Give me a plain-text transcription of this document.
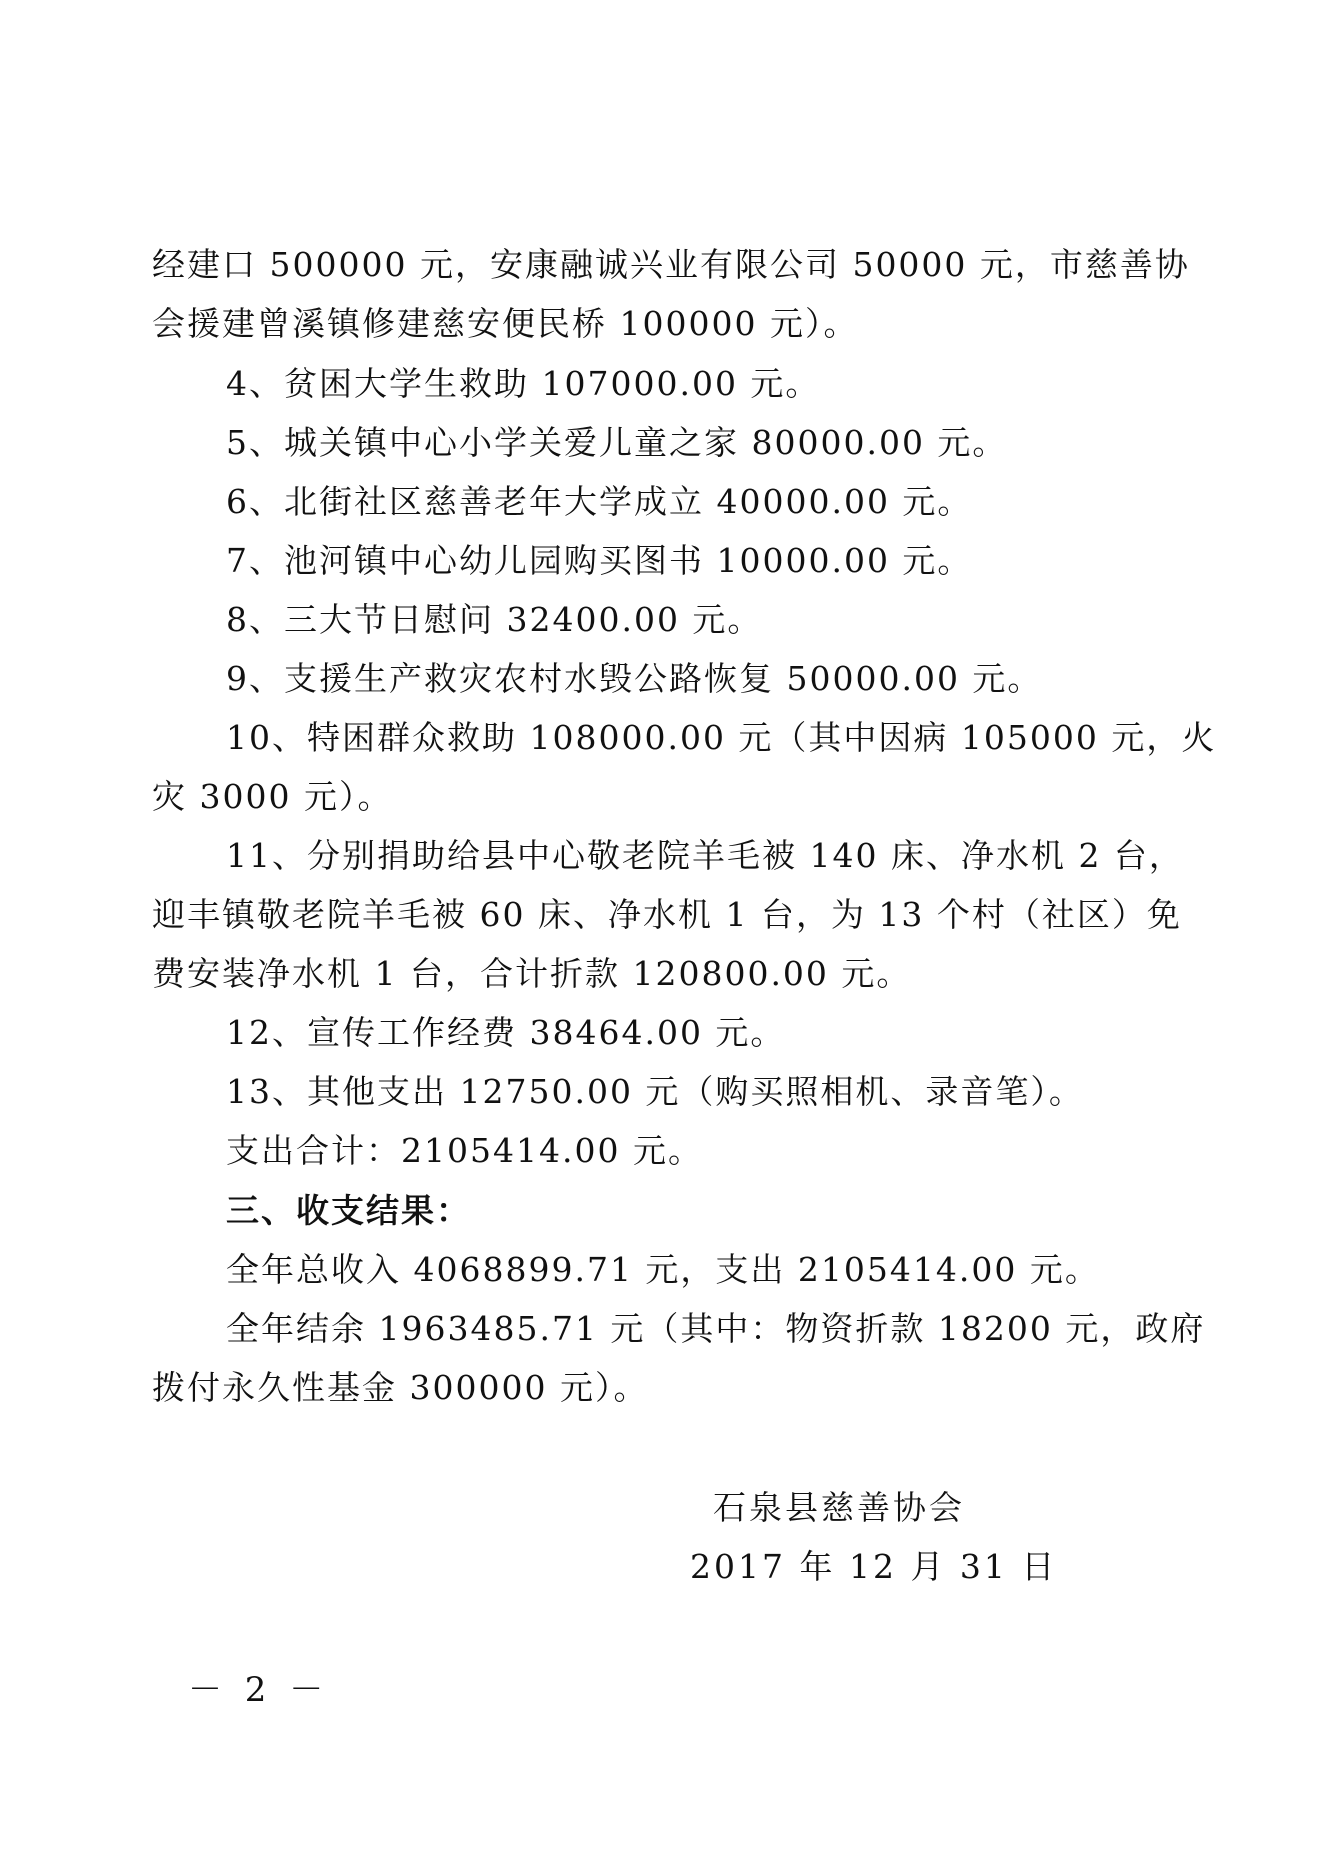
经建口 500000 元，安康融诚兴业有限公司 50000 元，市慈善协
会援建曾溪镇修建慈安便民桥 100000 元）。
4、贫困大学生救助 107000.00 元。
5、城关镇中心小学关爱儿童之家 80000.00 元。
6、北街社区慈善老年大学成立 40000.00 元。
7、池河镇中心幼儿园购买图书 10000.00 元。
8、三大节日慰问 32400.00 元。
9、支援生产救灾农村水毁公路恢复 50000.00 元。
10、特困群众救助 108000.00 元（其中因病 105000 元，火
灾 3000 元）。
11、分别捐助给县中心敬老院羊毛被 140 床、净水机 2 台，
迎丰镇敬老院羊毛被 60 床、净水机 1 台，为 13 个村（社区）免
费安装净水机 1 台，合计折款 120800.00 元。
12、宣传工作经费 38464.00 元。
13、其他支出 12750.00 元（购买照相机、录音笔）。
支出合计：2105414.00 元。
三、收支结果：
全年总收入 4068899.71 元，支出 2105414.00 元。
全年结余 1963485.71 元（其中：物资折款 18200 元，政府
拨付永久性基金 300000 元）。
石泉县慈善协会
2017 年 12 月 31 日
－ 2 －
